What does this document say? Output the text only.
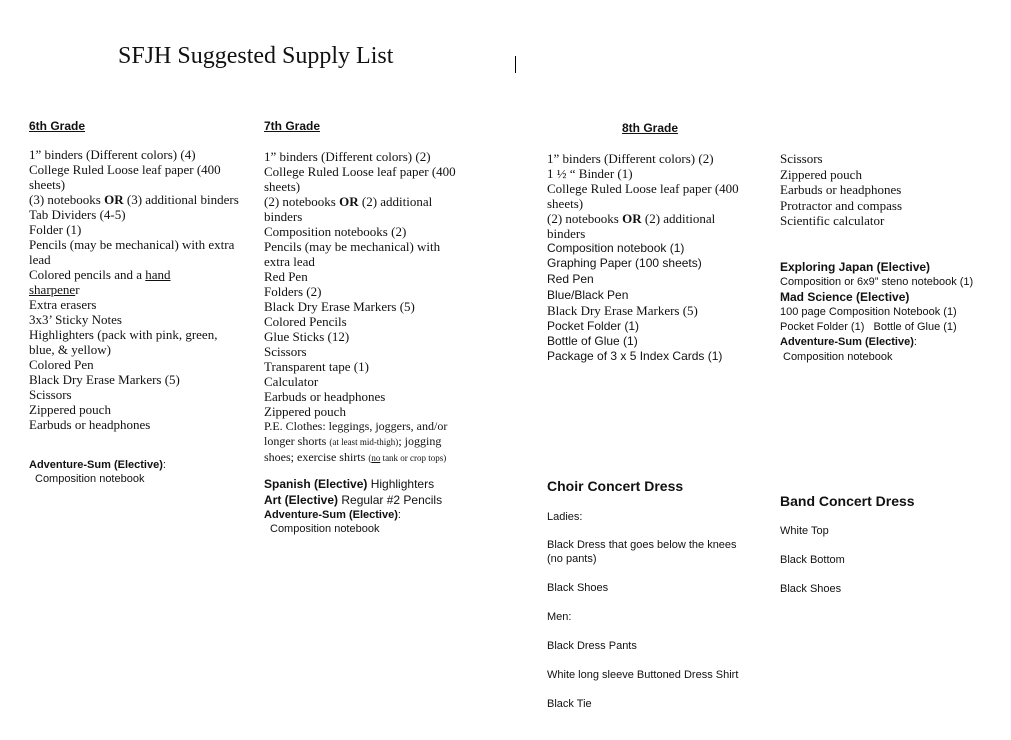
SFJH Suggested Supply List
6th Grade
1” binders (Different colors) (4)
College Ruled Loose leaf paper (400 sheets)
(3) notebooks OR (3) additional binders
Tab Dividers (4-5)
Folder (1)
Pencils (may be mechanical) with extra lead
Colored pencils and a hand
sharpener
Extra erasers
3x3’ Sticky Notes
Highlighters (pack with pink, green, blue, & yellow)
Colored Pen
Black Dry Erase Markers (5)
Scissors
Zippered pouch
Earbuds or headphones
Adventure-Sum (Elective):
Composition notebook
7th Grade
1” binders (Different colors) (2)
College Ruled Loose leaf paper (400 sheets)
(2) notebooks OR (2) additional binders
Composition notebooks (2)
Pencils (may be mechanical) with extra lead
Red Pen
Folders (2)
Black Dry Erase Markers (5)
Colored Pencils
Glue Sticks (12)
Scissors
Transparent tape (1)
Calculator
Earbuds or headphones
Zippered pouch
P.E. Clothes: leggings, joggers, and/or longer shorts (at least mid-thigh); jogging shoes; exercise shirts (no tank or crop tops)
Spanish (Elective) Highlighters
Art (Elective) Regular #2 Pencils
Adventure-Sum (Elective):
Composition notebook
8th Grade
1” binders (Different colors) (2)
1 ½ “ Binder (1)
College Ruled Loose leaf paper (400 sheets)
(2) notebooks OR (2) additional binders
Composition notebook (1)
Graphing Paper (100 sheets)
Red Pen
Blue/Black Pen
Black Dry Erase Markers (5)
Pocket Folder (1)
Bottle of Glue (1)
Package of 3 x 5 Index Cards (1)
Scissors
Zippered pouch
Earbuds or headphones
Protractor and compass
Scientific calculator
Exploring Japan (Elective)
Composition or 6x9” steno notebook (1)
Mad Science (Elective)
100 page Composition Notebook (1)
Pocket Folder (1)   Bottle of Glue (1)
Adventure-Sum (Elective):
Composition notebook
Choir Concert Dress
Ladies:
Black Dress that goes below the knees (no pants)
Black Shoes
Men:
Black Dress Pants
White long sleeve Buttoned Dress Shirt
Black Tie
Band Concert Dress
White Top
Black Bottom
Black Shoes
